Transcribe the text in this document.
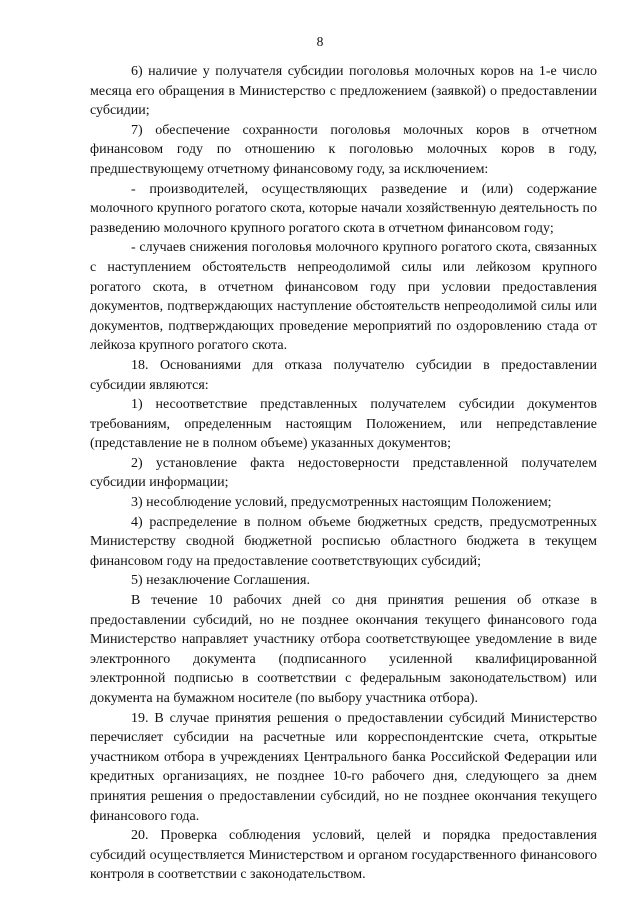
8

6) наличие у получателя субсидии поголовья молочных коров на 1-е число месяца его обращения в Министерство с предложением (заявкой) о предоставлении субсидии;

7) обеспечение сохранности поголовья молочных коров в отчетном финансовом году по отношению к поголовью молочных коров в году, предшествующему отчетному финансовому году, за исключением:

- производителей, осуществляющих разведение и (или) содержание молочного крупного рогатого скота, которые начали хозяйственную деятельность по разведению молочного крупного рогатого скота в отчетном финансовом году;

- случаев снижения поголовья молочного крупного рогатого скота, связанных с наступлением обстоятельств непреодолимой силы или лейкозом крупного рогатого скота, в отчетном финансовом году при условии предоставления документов, подтверждающих наступление обстоятельств непреодолимой силы или документов, подтверждающих проведение мероприятий по оздоровлению стада от лейкоза крупного рогатого скота.

18. Основаниями для отказа получателю субсидии в предоставлении субсидии являются:

1) несоответствие представленных получателем субсидии документов требованиям, определенным настоящим Положением, или непредставление (представление не в полном объеме) указанных документов;

2) установление факта недостоверности представленной получателем субсидии информации;

3) несоблюдение условий, предусмотренных настоящим Положением;

4) распределение в полном объеме бюджетных средств, предусмотренных Министерству сводной бюджетной росписью областного бюджета в текущем финансовом году на предоставление соответствующих субсидий;

5) незаключение Соглашения.

В течение 10 рабочих дней со дня принятия решения об отказе в предоставлении субсидий, но не позднее окончания текущего финансового года Министерство направляет участнику отбора соответствующее уведомление в виде электронного документа (подписанного усиленной квалифицированной электронной подписью в соответствии с федеральным законодательством) или документа на бумажном носителе (по выбору участника отбора).

19. В случае принятия решения о предоставлении субсидий Министерство перечисляет субсидии на расчетные или корреспондентские счета, открытые участником отбора в учреждениях Центрального банка Российской Федерации или кредитных организациях, не позднее 10-го рабочего дня, следующего за днем принятия решения о предоставлении субсидий, но не позднее окончания текущего финансового года.

20. Проверка соблюдения условий, целей и порядка предоставления субсидий осуществляется Министерством и органом государственного финансового контроля в соответствии с законодательством.
